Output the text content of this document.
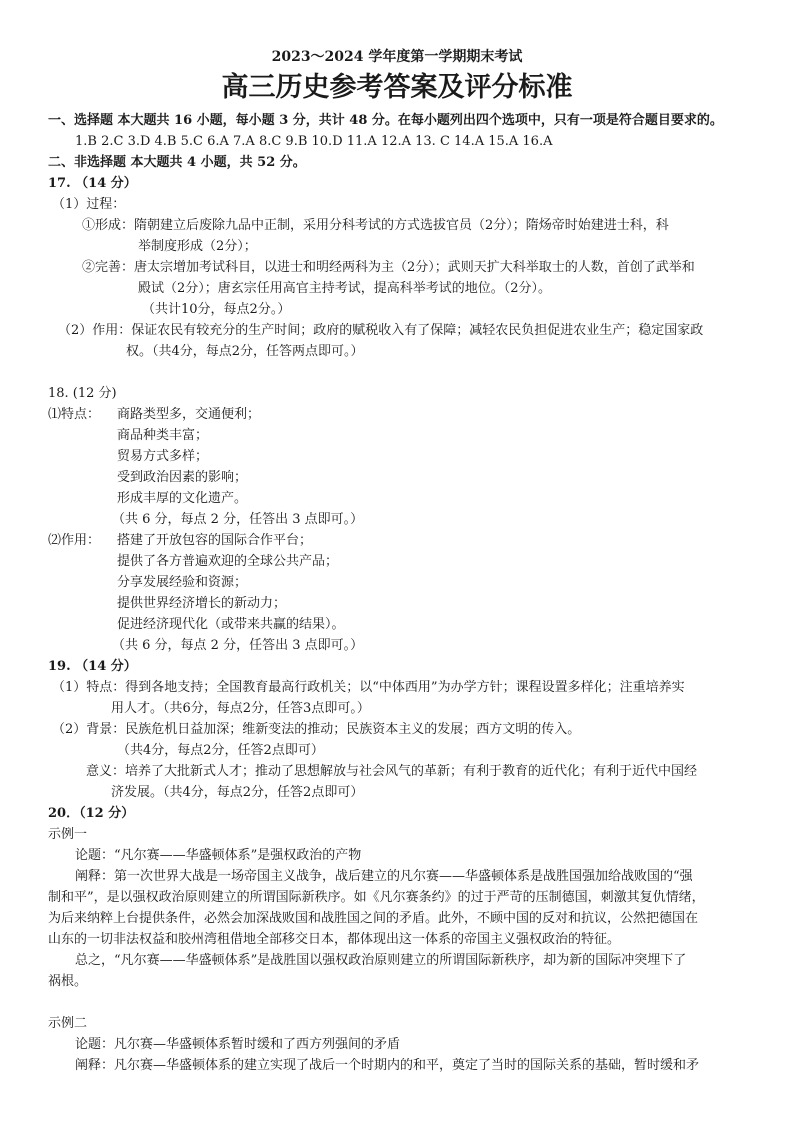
2023～2024 学年度第一学期期末考试
高三历史参考答案及评分标准
一、选择题 本大题共 16 小题，每小题 3 分，共计 48 分。在每小题列出四个选项中，只有一项是符合题目要求的。
1.B 2.C 3.D 4.B 5.C 6.A 7.A 8.C 9.B 10.D 11.A 12.A 13. C 14.A 15.A 16.A
二、非选择题 本大题共 4 小题，共 52 分。
17. （14 分）
（1）过程：
①形成：隋朝建立后废除九品中正制，采用分科考试的方式选拔官员（2分）；隋炀帝时始建进士科，科
举制度形成（2分）；
②完善：唐太宗增加考试科目，以进士和明经两科为主（2分）；武则天扩大科举取士的人数，首创了武举和
殿试（2分）；唐玄宗任用高官主持考试，提高科举考试的地位。（2分）。
（共计10分，每点2分。）
（2）作用：保证农民有较充分的生产时间；政府的赋税收入有了保障；减轻农民负担促进农业生产；稳定国家政
权。（共4分，每点2分，任答两点即可。）
18. (12 分)
⑴特点： 商路类型多，交通便利；
商品种类丰富；
贸易方式多样；
受到政治因素的影响；
形成丰厚的文化遗产。
（共 6 分，每点 2 分，任答出 3 点即可。）
⑵作用： 搭建了开放包容的国际合作平台；
提供了各方普遍欢迎的全球公共产品；
分享发展经验和资源；
提供世界经济增长的新动力；
促进经济现代化（或带来共赢的结果）。
（共 6 分，每点 2 分，任答出 3 点即可。）
19. （14 分）
（1）特点：得到各地支持；全国教育最高行政机关；以“中体西用”为办学方针；课程设置多样化；注重培养实
用人才。（共6分，每点2分，任答3点即可。）
（2）背景：民族危机日益加深；维新变法的推动；民族资本主义的发展；西方文明的传入。
（共4分，每点2分，任答2点即可）
意义：培养了大批新式人才；推动了思想解放与社会风气的革新；有利于教育的近代化；有利于近代中国经
济发展。（共4分，每点2分，任答2点即可）
20．（12 分）
示例一
论题：“凡尔赛——华盛顿体系”是强权政治的产物
阐释：第一次世界大战是一场帝国主义战争，战后建立的凡尔赛——华盛顿体系是战胜国强加给战败国的“强
制和平”，是以强权政治原则建立的所谓国际新秩序。如《凡尔赛条约》的过于严苛的压制德国，刺激其复仇情绪，
为后来纳粹上台提供条件，必然会加深战败国和战胜国之间的矛盾。此外，不顾中国的反对和抗议，公然把德国在
山东的一切非法权益和胶州湾租借地全部移交日本，都体现出这一体系的帝国主义强权政治的特征。
总之，“凡尔赛——华盛顿体系”是战胜国以强权政治原则建立的所谓国际新秩序，却为新的国际冲突埋下了
祸根。
示例二
论题：凡尔赛—华盛顿体系暂时缓和了西方列强间的矛盾
阐释：凡尔赛—华盛顿体系的建立实现了战后一个时期内的和平，奠定了当时的国际关系的基础，暂时缓和矛
